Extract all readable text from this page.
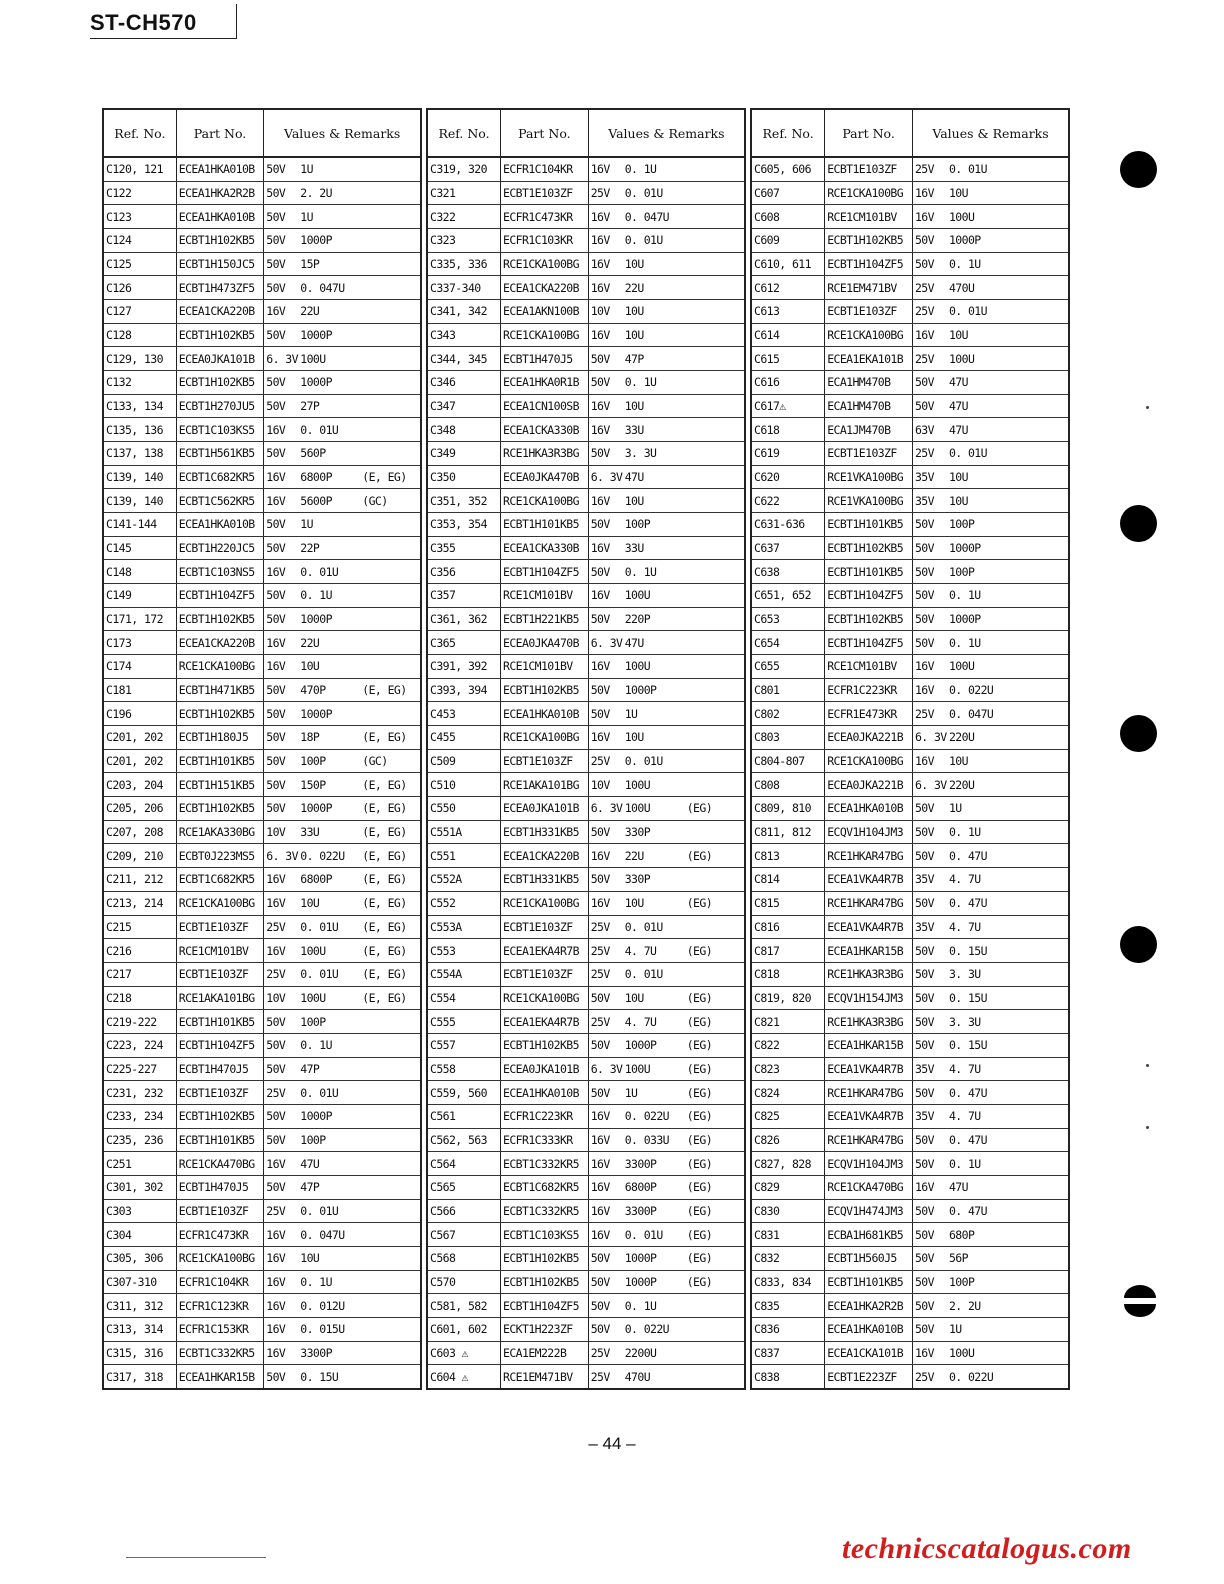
ST-CH570
Ref. No.	Part No.	Values & Remarks
C120, 121	ECEA1HKA010B	50V 1U
C122	ECEA1HKA2R2B	50V 2. 2U
C123	ECEA1HKA010B	50V 1U
C124	ECBT1H102KB5	50V 1000P
C125	ECBT1H150JC5	50V 15P
C126	ECBT1H473ZF5	50V 0. 047U
C127	ECEA1CKA220B	16V 22U
C128	ECBT1H102KB5	50V 1000P
C129, 130	ECEA0JKA101B	6. 3V 100U
C132	ECBT1H102KB5	50V 1000P
C133, 134	ECBT1H270JU5	50V 27P
C135, 136	ECBT1C103KS5	16V 0. 01U
C137, 138	ECBT1H561KB5	50V 560P
C139, 140	ECBT1C682KR5	16V 6800P (E, EG)
C139, 140	ECBT1C562KR5	16V 5600P (GC)
C141-144	ECEA1HKA010B	50V 1U
C145	ECBT1H220JC5	50V 22P
C148	ECBT1C103NS5	16V 0. 01U
C149	ECBT1H104ZF5	50V 0. 1U
C171, 172	ECBT1H102KB5	50V 1000P
C173	ECEA1CKA220B	16V 22U
C174	RCE1CKA100BG	16V 10U
C181	ECBT1H471KB5	50V 470P (E, EG)
C196	ECBT1H102KB5	50V 1000P
C201, 202	ECBT1H180J5	50V 18P (E, EG)
C201, 202	ECBT1H101KB5	50V 100P (GC)
C203, 204	ECBT1H151KB5	50V 150P (E, EG)
C205, 206	ECBT1H102KB5	50V 1000P (E, EG)
C207, 208	RCE1AKA330BG	10V 33U (E, EG)
C209, 210	ECBT0J223MS5	6. 3V 0. 022U (E, EG)
C211, 212	ECBT1C682KR5	16V 6800P (E, EG)
C213, 214	RCE1CKA100BG	16V 10U (E, EG)
C215	ECBT1E103ZF	25V 0. 01U (E, EG)
C216	RCE1CM101BV	16V 100U (E, EG)
C217	ECBT1E103ZF	25V 0. 01U (E, EG)
C218	RCE1AKA101BG	10V 100U (E, EG)
C219-222	ECBT1H101KB5	50V 100P
C223, 224	ECBT1H104ZF5	50V 0. 1U
C225-227	ECBT1H470J5	50V 47P
C231, 232	ECBT1E103ZF	25V 0. 01U
C233, 234	ECBT1H102KB5	50V 1000P
C235, 236	ECBT1H101KB5	50V 100P
C251	RCE1CKA470BG	16V 47U
C301, 302	ECBT1H470J5	50V 47P
C303	ECBT1E103ZF	25V 0. 01U
C304	ECFR1C473KR	16V 0. 047U
C305, 306	RCE1CKA100BG	16V 10U
C307-310	ECFR1C104KR	16V 0. 1U
C311, 312	ECFR1C123KR	16V 0. 012U
C313, 314	ECFR1C153KR	16V 0. 015U
C315, 316	ECBT1C332KR5	16V 3300P
C317, 318	ECEA1HKAR15B	50V 0. 15U
Ref. No.	Part No.	Values & Remarks
C319, 320	ECFR1C104KR	16V 0. 1U
C321	ECBT1E103ZF	25V 0. 01U
C322	ECFR1C473KR	16V 0. 047U
C323	ECFR1C103KR	16V 0. 01U
C335, 336	RCE1CKA100BG	16V 10U
C337-340	ECEA1CKA220B	16V 22U
C341, 342	ECEA1AKN100B	10V 10U
C343	RCE1CKA100BG	16V 10U
C344, 345	ECBT1H470J5	50V 47P
C346	ECEA1HKA0R1B	50V 0. 1U
C347	ECEA1CN100SB	16V 10U
C348	ECEA1CKA330B	16V 33U
C349	RCE1HKA3R3BG	50V 3. 3U
C350	ECEA0JKA470B	6. 3V 47U
C351, 352	RCE1CKA100BG	16V 10U
C353, 354	ECBT1H101KB5	50V 100P
C355	ECEA1CKA330B	16V 33U
C356	ECBT1H104ZF5	50V 0. 1U
C357	RCE1CM101BV	16V 100U
C361, 362	ECBT1H221KB5	50V 220P
C365	ECEA0JKA470B	6. 3V 47U
C391, 392	RCE1CM101BV	16V 100U
C393, 394	ECBT1H102KB5	50V 1000P
C453	ECEA1HKA010B	50V 1U
C455	RCE1CKA100BG	16V 10U
C509	ECBT1E103ZF	25V 0. 01U
C510	RCE1AKA101BG	10V 100U
C550	ECEA0JKA101B	6. 3V 100U (EG)
C551A	ECBT1H331KB5	50V 330P
C551	ECEA1CKA220B	16V 22U (EG)
C552A	ECBT1H331KB5	50V 330P
C552	RCE1CKA100BG	16V 10U (EG)
C553A	ECBT1E103ZF	25V 0. 01U
C553	ECEA1EKA4R7B	25V 4. 7U (EG)
C554A	ECBT1E103ZF	25V 0. 01U
C554	RCE1CKA100BG	50V 10U (EG)
C555	ECEA1EKA4R7B	25V 4. 7U (EG)
C557	ECBT1H102KB5	50V 1000P (EG)
C558	ECEA0JKA101B	6. 3V 100U (EG)
C559, 560	ECEA1HKA010B	50V 1U (EG)
C561	ECFR1C223KR	16V 0. 022U (EG)
C562, 563	ECFR1C333KR	16V 0. 033U (EG)
C564	ECBT1C332KR5	16V 3300P (EG)
C565	ECBT1C682KR5	16V 6800P (EG)
C566	ECBT1C332KR5	16V 3300P (EG)
C567	ECBT1C103KS5	16V 0. 01U (EG)
C568	ECBT1H102KB5	50V 1000P (EG)
C570	ECBT1H102KB5	50V 1000P (EG)
C581, 582	ECBT1H104ZF5	50V 0. 1U
C601, 602	ECKT1H223ZF	50V 0. 022U
C603 ⚠	ECA1EM222B	25V 2200U
C604 ⚠	RCE1EM471BV	25V 470U
Ref. No.	Part No.	Values & Remarks
C605, 606	ECBT1E103ZF	25V 0. 01U
C607	RCE1CKA100BG	16V 10U
C608	RCE1CM101BV	16V 100U
C609	ECBT1H102KB5	50V 1000P
C610, 611	ECBT1H104ZF5	50V 0. 1U
C612	RCE1EM471BV	25V 470U
C613	ECBT1E103ZF	25V 0. 01U
C614	RCE1CKA100BG	16V 10U
C615	ECEA1EKA101B	25V 100U
C616	ECA1HM470B	50V 47U
C617⚠	ECA1HM470B	50V 47U
C618	ECA1JM470B	63V 47U
C619	ECBT1E103ZF	25V 0. 01U
C620	RCE1VKA100BG	35V 10U
C622	RCE1VKA100BG	35V 10U
C631-636	ECBT1H101KB5	50V 100P
C637	ECBT1H102KB5	50V 1000P
C638	ECBT1H101KB5	50V 100P
C651, 652	ECBT1H104ZF5	50V 0. 1U
C653	ECBT1H102KB5	50V 1000P
C654	ECBT1H104ZF5	50V 0. 1U
C655	RCE1CM101BV	16V 100U
C801	ECFR1C223KR	16V 0. 022U
C802	ECFR1E473KR	25V 0. 047U
C803	ECEA0JKA221B	6. 3V 220U
C804-807	RCE1CKA100BG	16V 10U
C808	ECEA0JKA221B	6. 3V 220U
C809, 810	ECEA1HKA010B	50V 1U
C811, 812	ECQV1H104JM3	50V 0. 1U
C813	RCE1HKAR47BG	50V 0. 47U
C814	ECEA1VKA4R7B	35V 4. 7U
C815	RCE1HKAR47BG	50V 0. 47U
C816	ECEA1VKA4R7B	35V 4. 7U
C817	ECEA1HKAR15B	50V 0. 15U
C818	RCE1HKA3R3BG	50V 3. 3U
C819, 820	ECQV1H154JM3	50V 0. 15U
C821	RCE1HKA3R3BG	50V 3. 3U
C822	ECEA1HKAR15B	50V 0. 15U
C823	ECEA1VKA4R7B	35V 4. 7U
C824	RCE1HKAR47BG	50V 0. 47U
C825	ECEA1VKA4R7B	35V 4. 7U
C826	RCE1HKAR47BG	50V 0. 47U
C827, 828	ECQV1H104JM3	50V 0. 1U
C829	RCE1CKA470BG	16V 47U
C830	ECQV1H474JM3	50V 0. 47U
C831	ECBA1H681KB5	50V 680P
C832	ECBT1H560J5	50V 56P
C833, 834	ECBT1H101KB5	50V 100P
C835	ECEA1HKA2R2B	50V 2. 2U
C836	ECEA1HKA010B	50V 1U
C837	ECEA1CKA101B	16V 100U
C838	ECBT1E223ZF	25V 0. 022U
– 44 –
technicscatalogus.com
